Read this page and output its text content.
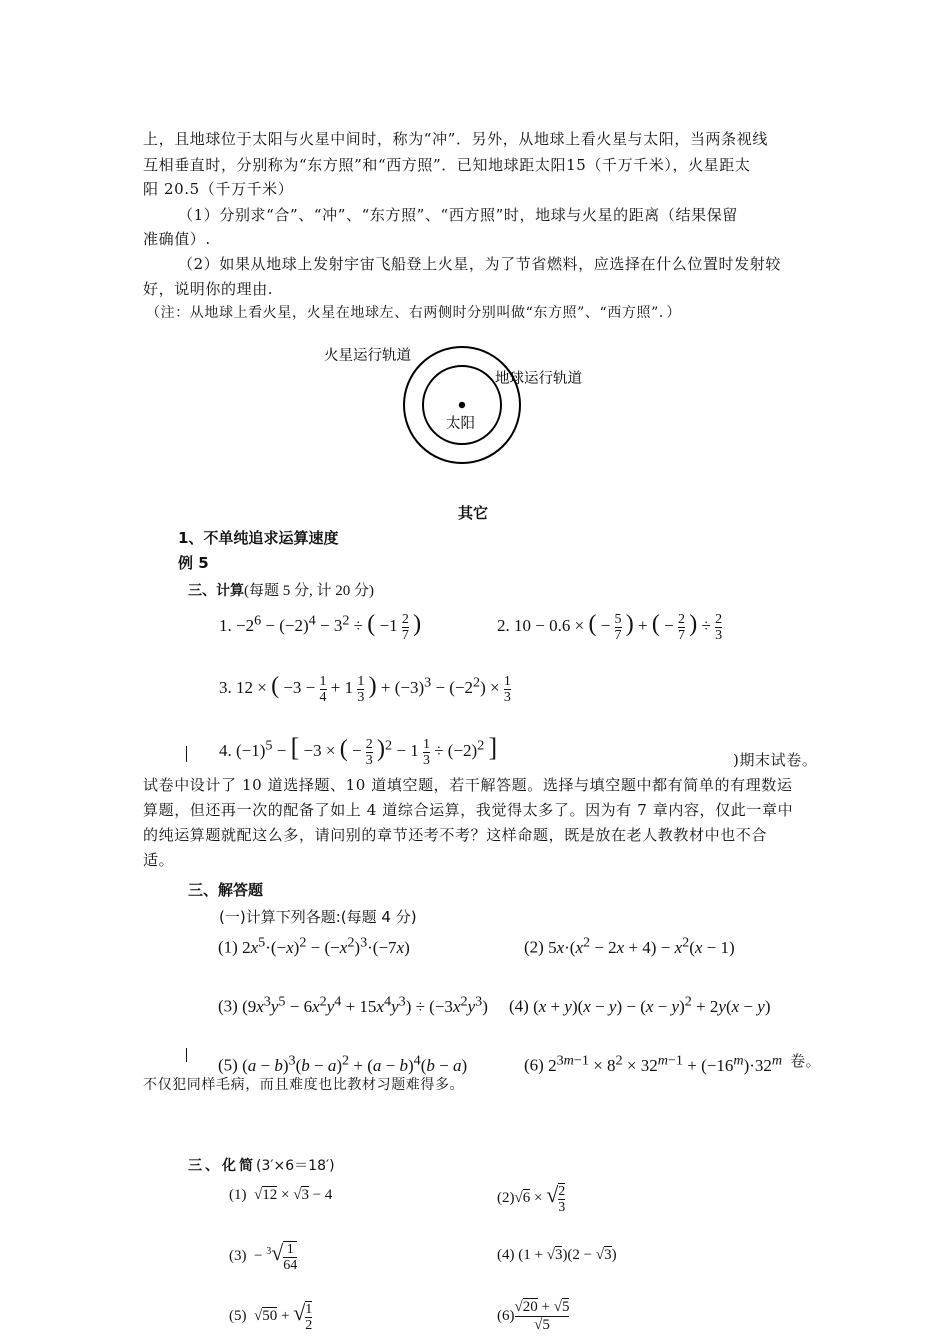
上，且地球位于太阳与火星中间时，称为“冲”．另外，从地球上看火星与太阳，当两条视线
互相垂直时，分别称为“东方照”和“西方照”．已知地球距太阳15（千万千米），火星距太
阳 20.5（千万千米）
（1）分别求“合”、“冲”、“东方照”、“西方照”时，地球与火星的距离（结果保留
准确值）.
（2）如果从地球上发射宇宙飞船登上火星，为了节省燃料，应选择在什么位置时发射较
好，说明你的理由.
（注：从地球上看火星，火星在地球左、右两侧时分别叫做“东方照”、“西方照”．）
火星运行轨道
地球运行轨道
太阳
其它
1、不单纯追求运算速度
例 5
三、计算(每题 5 分, 计 20 分)
1. $-2^6 - (-2)^4 - 3^2$ ÷ ( $-1 \frac{2}{7}$ )	2. 10 − 0.6 × ( − $\frac{5}{7}$ ) + ( − $\frac{2}{7}$ ) ÷ $\frac{2}{3}$
3. 12 × ( $-3 - \frac{1}{4} + 1 \frac{1}{3}$ ) + $(-3)^3 - (-2^2) \times \frac{1}{3}$
4. $(-1)^5$ − [ −3 × ( − $\frac{2}{3} )^2 - 1 \frac{1}{3} \div (-2)^2$ ]	)期末试卷。
试卷中设计了 10 道选择题、10 道填空题，若干解答题。选择与填空题中都有简单的有理数运
算题，但还再一次的配备了如上 4 道综合运算，我觉得太多了。因为有 7 章内容，仅此一章中
的纯运算题就配这么多，请问别的章节还考不考？这样命题，既是放在老人教教材中也不合
适。
三、解答题
(一)计算下列各题:(每题 4 分)
(1) $2x^5\cdot(-x)^2 - (-x^2)^3\cdot(-7x)$	(2) $5x\cdot(x^2 - 2x + 4) - x^2(x - 1)$
(3) $(9x^3y^5 - 6x^2y^4 + 15x^4y^3) \div (-3x^2y^3)$ (4) $(x + y)(x - y) - (x - y)^2 + 2y(x - y)$
(5) $(a - b)^3(b - a)^2 + (a - b)^4(b - a)$	(6) $2^{3m-1} \times 8^2 \times 32^{m-1} + (-16^m)\cdot 32^m$ 卷。
不仅犯同样毛病，而且难度也比教材习题难得多。
三、化简(3′×6＝18′)
(1)  √12 × √3 − 4	(2)√6 × √ $\frac{2}{3}$
$(3) - ^3√ \frac{1}{64}$	(4) (1 + √3)(2 − √3)
(5)  √50 + √ $\frac{1}{2}$	$(6) \frac{√20 + √5}{√5}$
